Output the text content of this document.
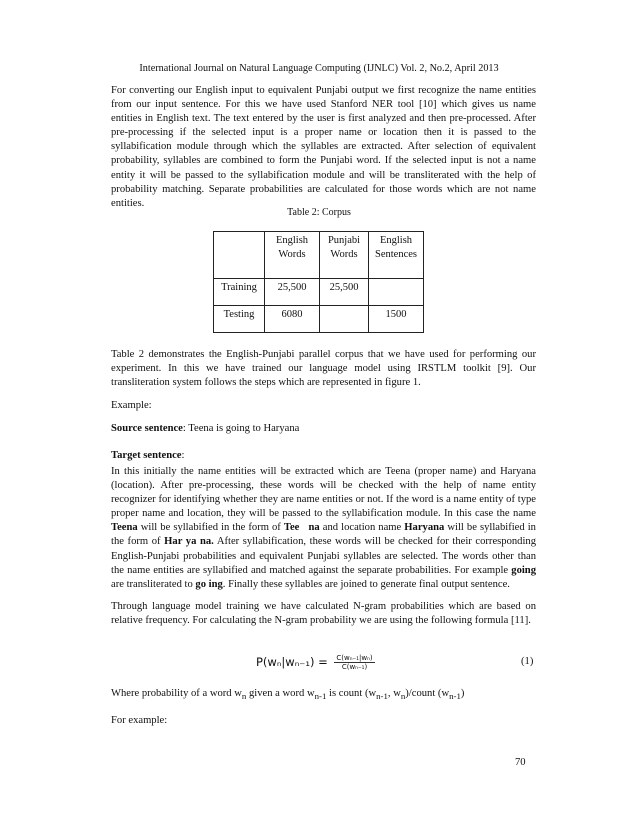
International Journal on Natural Language Computing (IJNLC) Vol. 2, No.2, April 2013
For converting our English input to equivalent Punjabi output we first recognize the name entities from our input sentence. For this we have used Stanford NER tool [10] which gives us name entities in English text. The text entered by the user is first analyzed and then pre-processed. After pre-processing if the selected input is a proper name or location then it is passed to the syllabification module through which the syllables are extracted. After selection of equivalent probability, syllables are combined to form the Punjabi word. If the selected input is not a name entity it will be passed to the syllabification module and will be transliterated with the help of probability matching. Separate probabilities are calculated for those words which are not name entities.
Table 2: Corpus
	English Words	Punjabi Words	English Sentences
Training	25,500	25,500	
Testing	6080		1500
Table 2 demonstrates the English-Punjabi parallel corpus that we have used for performing our experiment. In this we have trained our language model using IRSTLM toolkit [9]. Our transliteration system follows the steps which are represented in figure 1.
Example:
Source sentence: Teena is going to Haryana
Target sentence:
In this initially the name entities will be extracted which are Teena (proper name) and Haryana (location). After pre-processing, these words will be checked with the help of name entity recognizer for identifying whether they are name entities or not. If the word is a name entity of type proper name and location, they will be passed to the syllabification module. In this case the name Teena will be syllabified in the form of Tee   na and location name Haryana will be syllabified in the form of Har ya na. After syllabification, these words will be checked for their corresponding English-Punjabi probabilities and equivalent Punjabi syllables are selected. The words other than the name entities are syllabified and matched against the separate probabilities. For example going are transliterated to go ing. Finally these syllables are joined to generate final output sentence.
Through language model training we have calculated N-gram probabilities which are based on relative frequency. For calculating the N-gram probability we are using the following formula [11].
$P(w_n|w_{n-1}) = \frac{\text{C(wₙ₋₁|wₙ)}}{\text{C(wₙ₋₁)}}$	(1)
Where probability of a word $w_n$ given a word $w_{n-1}$ is count ($w_{n-1}$, $w_n$)/count $(w_{n-1})$
For example:
70
